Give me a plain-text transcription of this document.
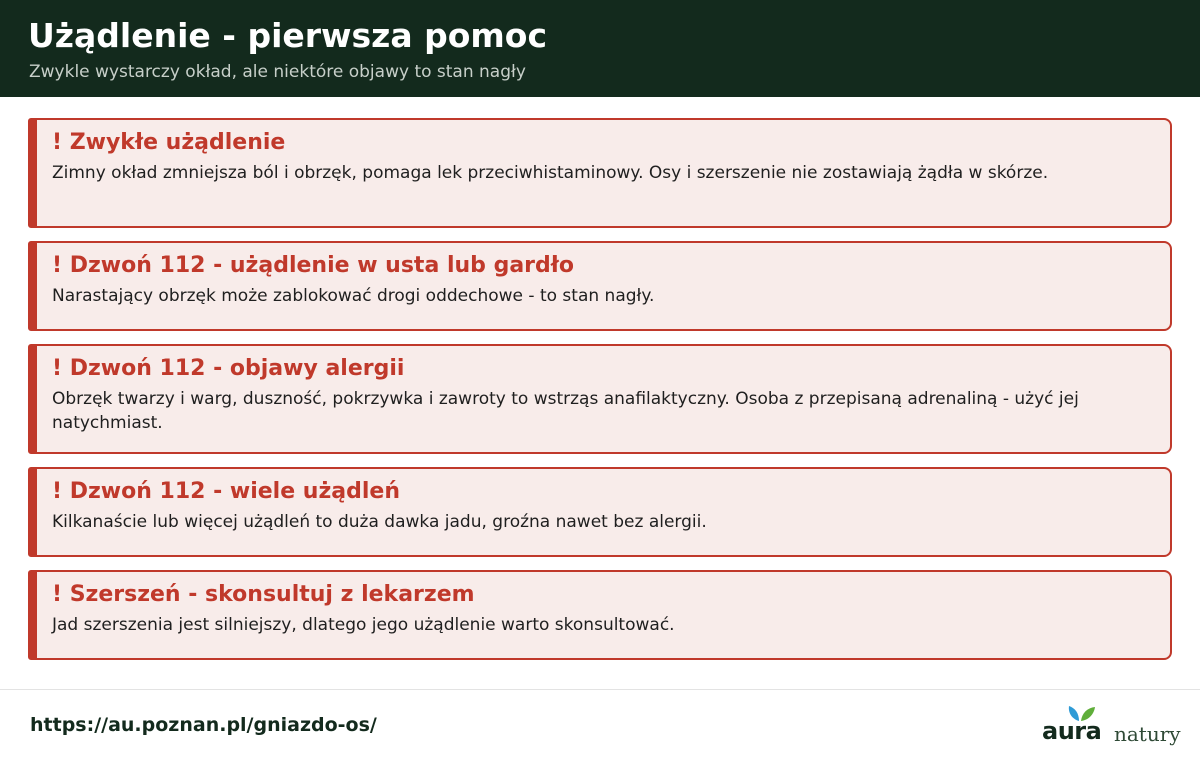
Użądlenie - pierwsza pomoc
Zwykle wystarczy okład, ale niektóre objawy to stan nagły
! Zwykłe użądlenie
Zimny okład zmniejsza ból i obrzęk, pomaga lek przeciwhistaminowy. Osy i szerszenie nie zostawiają żądła w skórze.
! Dzwoń 112 - użądlenie w usta lub gardło
Narastający obrzęk może zablokować drogi oddechowe - to stan nagły.
! Dzwoń 112 - objawy alergii
Obrzęk twarzy i warg, duszność, pokrzywka i zawroty to wstrząs anafilaktyczny. Osoba z przepisaną adrenaliną - użyć jej natychmiast.
! Dzwoń 112 - wiele użądleń
Kilkanaście lub więcej użądleń to duża dawka jadu, groźna nawet bez alergii.
! Szerszeń - skonsultuj z lekarzem
Jad szerszenia jest silniejszy, dlatego jego użądlenie warto skonsultować.
https://au.poznan.pl/gniazdo-os/	aura natury
